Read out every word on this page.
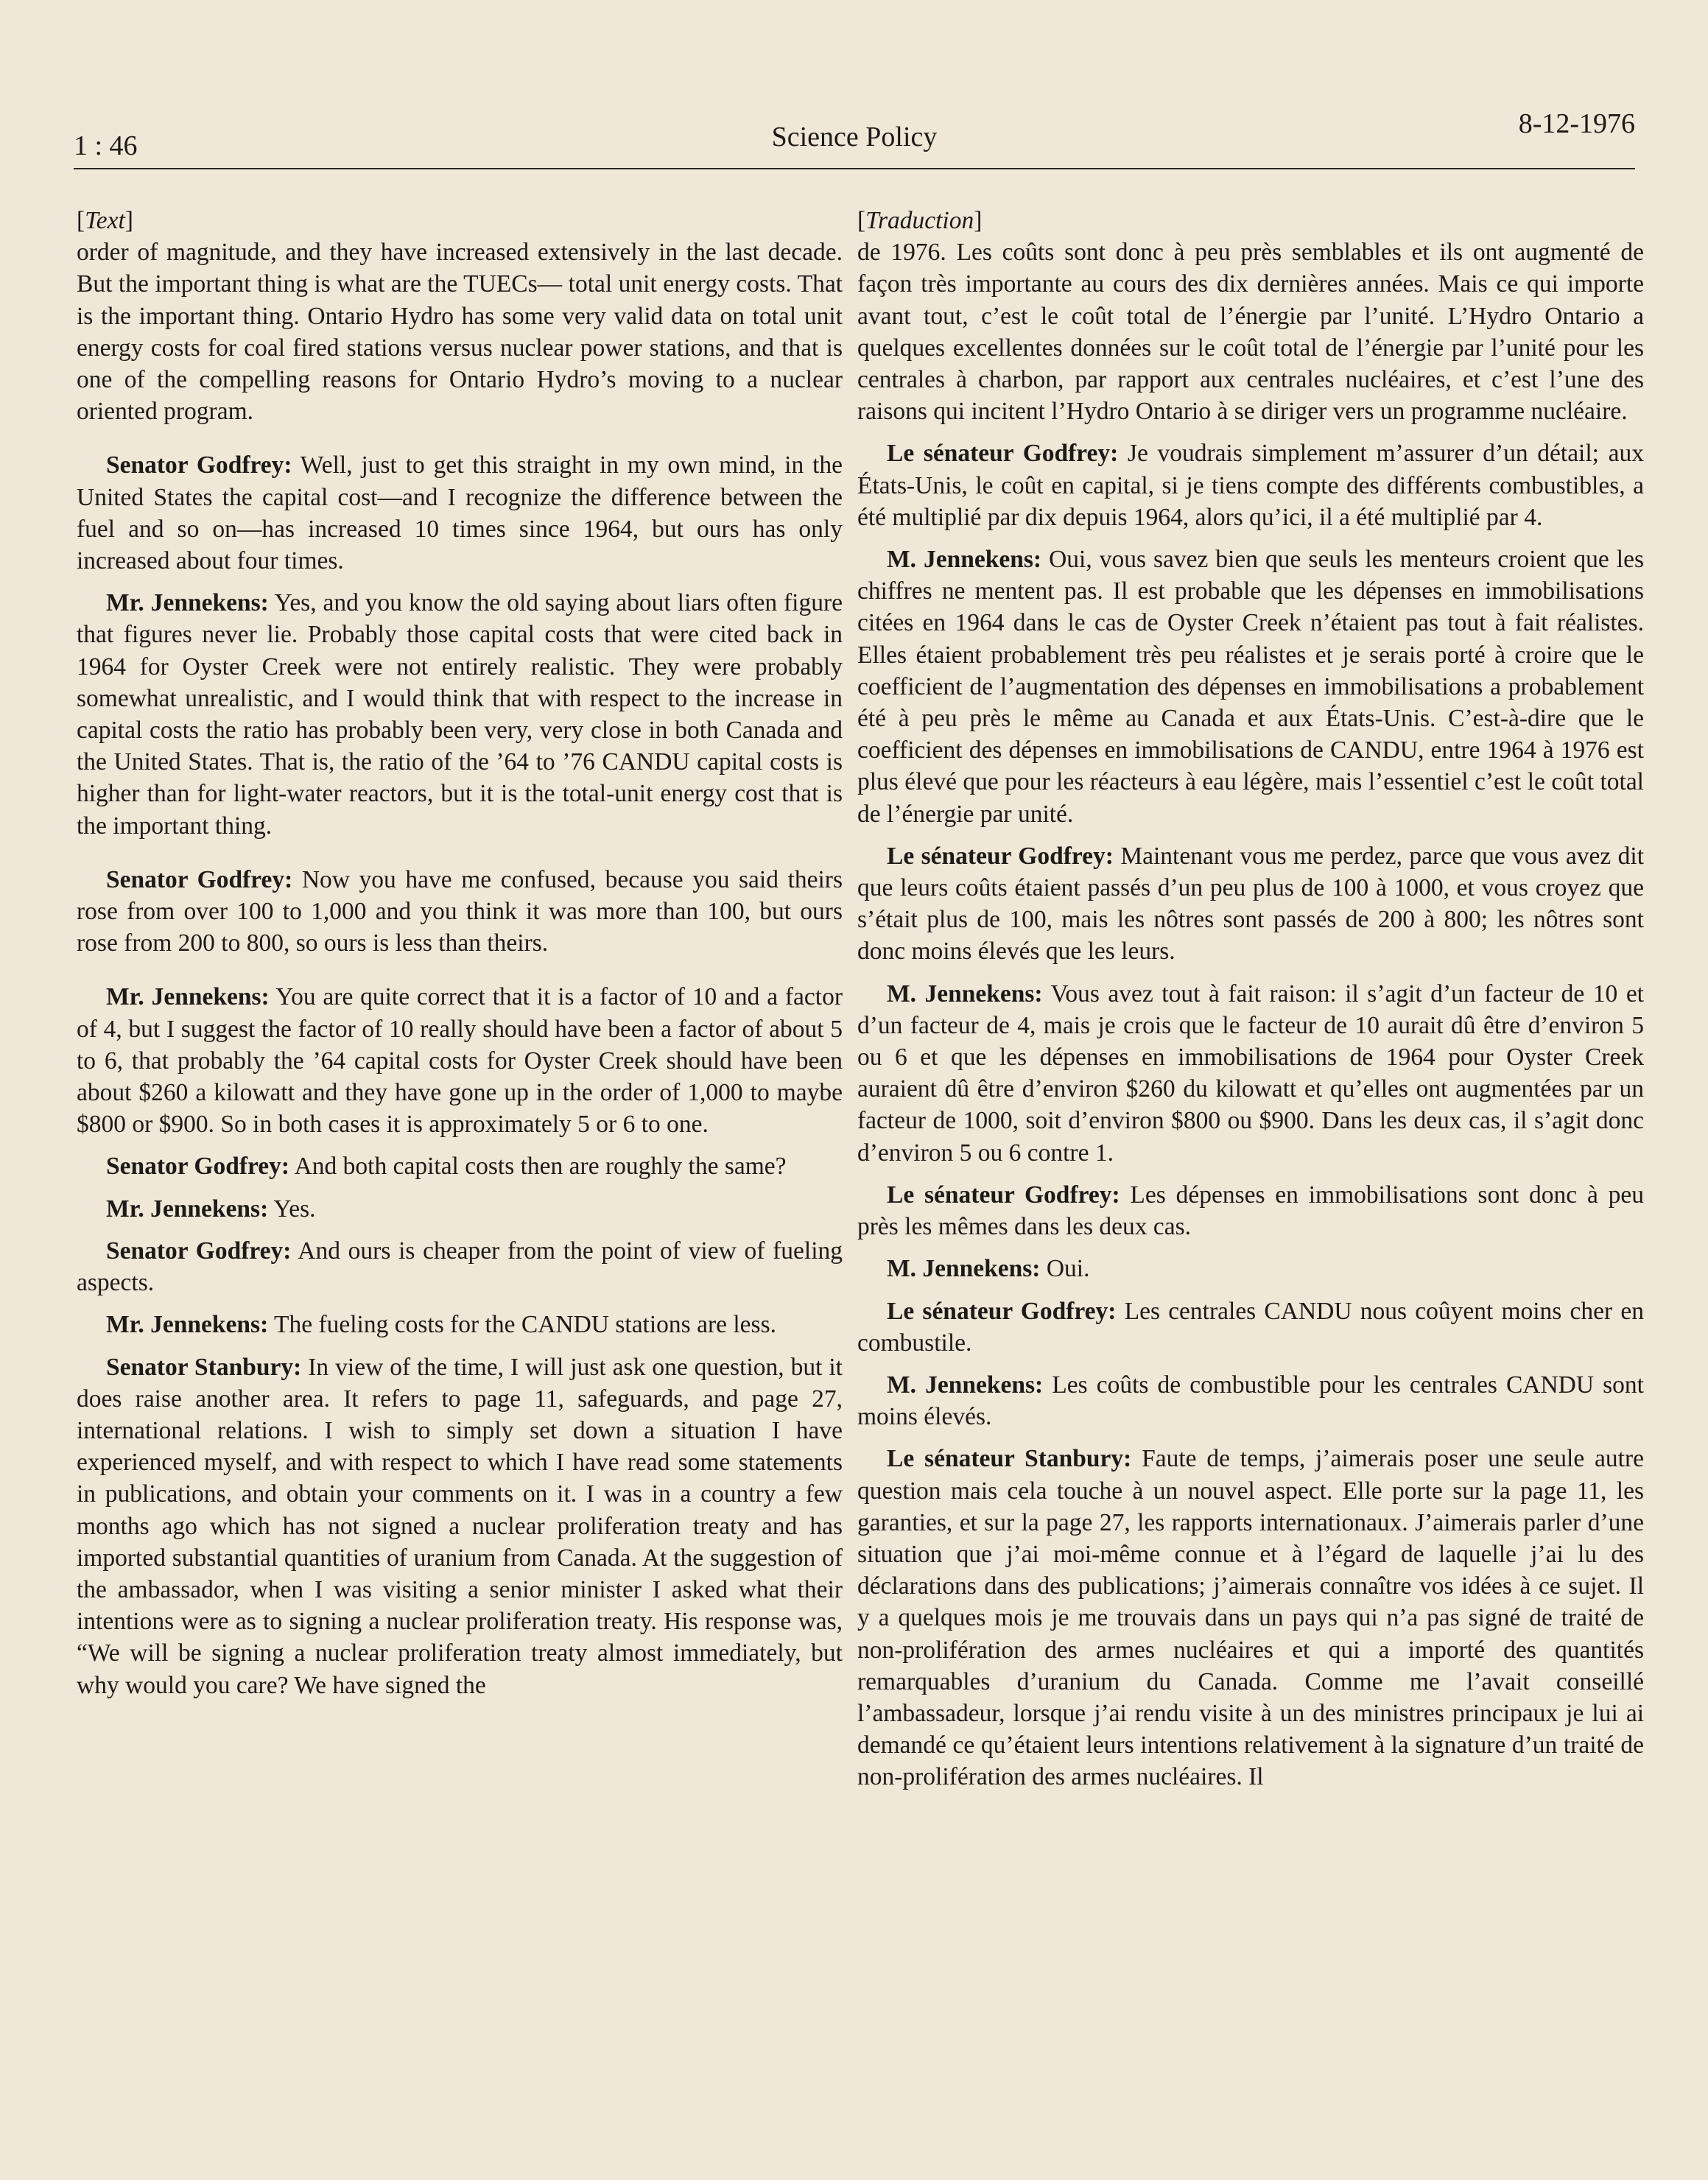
1 : 46	Science Policy	8-12-1976

[Text]

order of magnitude, and they have increased extensively in the last decade. But the important thing is what are the TUECs— total unit energy costs. That is the important thing. Ontario Hydro has some very valid data on total unit energy costs for coal fired stations versus nuclear power stations, and that is one of the compelling reasons for Ontario Hydro’s moving to a nuclear oriented program.

Senator Godfrey: Well, just to get this straight in my own mind, in the United States the capital cost—and I recognize the difference between the fuel and so on—has increased 10 times since 1964, but ours has only increased about four times.

Mr. Jennekens: Yes, and you know the old saying about liars often figure that figures never lie. Probably those capital costs that were cited back in 1964 for Oyster Creek were not entirely realistic. They were probably somewhat unrealistic, and I would think that with respect to the increase in capital costs the ratio has probably been very, very close in both Canada and the United States. That is, the ratio of the ’64 to ’76 CANDU capital costs is higher than for light-water reactors, but it is the total-unit energy cost that is the important thing.

Senator Godfrey: Now you have me confused, because you said theirs rose from over 100 to 1,000 and you think it was more than 100, but ours rose from 200 to 800, so ours is less than theirs.

Mr. Jennekens: You are quite correct that it is a factor of 10 and a factor of 4, but I suggest the factor of 10 really should have been a factor of about 5 to 6, that probably the ’64 capital costs for Oyster Creek should have been about $260 a kilowatt and they have gone up in the order of 1,000 to maybe $800 or $900. So in both cases it is approximately 5 or 6 to one.

Senator Godfrey: And both capital costs then are roughly the same?

Mr. Jennekens: Yes.

Senator Godfrey: And ours is cheaper from the point of view of fueling aspects.

Mr. Jennekens: The fueling costs for the CANDU stations are less.

Senator Stanbury: In view of the time, I will just ask one question, but it does raise another area. It refers to page 11, safeguards, and page 27, international relations. I wish to simply set down a situation I have experienced myself, and with respect to which I have read some statements in publications, and obtain your comments on it. I was in a country a few months ago which has not signed a nuclear proliferation treaty and has imported substantial quantities of uranium from Canada. At the suggestion of the ambassador, when I was visiting a senior minister I asked what their intentions were as to signing a nuclear proliferation treaty. His response was, “We will be signing a nuclear proliferation treaty almost immediately, but why would you care? We have signed the

[Traduction]

de 1976. Les coûts sont donc à peu près semblables et ils ont augmenté de façon très importante au cours des dix dernières années. Mais ce qui importe avant tout, c’est le coût total de l’énergie par l’unité. L’Hydro Ontario a quelques excellentes données sur le coût total de l’énergie par l’unité pour les centrales à charbon, par rapport aux centrales nucléaires, et c’est l’une des raisons qui incitent l’Hydro Ontario à se diriger vers un programme nucléaire.

Le sénateur Godfrey: Je voudrais simplement m’assurer d’un détail; aux États-Unis, le coût en capital, si je tiens compte des différents combustibles, a été multiplié par dix depuis 1964, alors qu’ici, il a été multiplié par 4.

M. Jennekens: Oui, vous savez bien que seuls les menteurs croient que les chiffres ne mentent pas. Il est probable que les dépenses en immobilisations citées en 1964 dans le cas de Oyster Creek n’étaient pas tout à fait réalistes. Elles étaient probablement très peu réalistes et je serais porté à croire que le coefficient de l’augmentation des dépenses en immobilisations a probablement été à peu près le même au Canada et aux États-Unis. C’est-à-dire que le coefficient des dépenses en immobilisations de CANDU, entre 1964 à 1976 est plus élevé que pour les réacteurs à eau légère, mais l’essentiel c’est le coût total de l’énergie par unité.

Le sénateur Godfrey: Maintenant vous me perdez, parce que vous avez dit que leurs coûts étaient passés d’un peu plus de 100 à 1000, et vous croyez que s’était plus de 100, mais les nôtres sont passés de 200 à 800; les nôtres sont donc moins élevés que les leurs.

M. Jennekens: Vous avez tout à fait raison: il s’agit d’un facteur de 10 et d’un facteur de 4, mais je crois que le facteur de 10 aurait dû être d’environ 5 ou 6 et que les dépenses en immobilisations de 1964 pour Oyster Creek auraient dû être d’environ $260 du kilowatt et qu’elles ont augmentées par un facteur de 1000, soit d’environ $800 ou $900. Dans les deux cas, il s’agit donc d’environ 5 ou 6 contre 1.

Le sénateur Godfrey: Les dépenses en immobilisations sont donc à peu près les mêmes dans les deux cas.

M. Jennekens: Oui.

Le sénateur Godfrey: Les centrales CANDU nous coûyent moins cher en combustile.

M. Jennekens: Les coûts de combustible pour les centrales CANDU sont moins élevés.

Le sénateur Stanbury: Faute de temps, j’aimerais poser une seule autre question mais cela touche à un nouvel aspect. Elle porte sur la page 11, les garanties, et sur la page 27, les rapports internationaux. J’aimerais parler d’une situation que j’ai moi-même connue et à l’égard de laquelle j’ai lu des déclarations dans des publications; j’aimerais connaître vos idées à ce sujet. Il y a quelques mois je me trouvais dans un pays qui n’a pas signé de traité de non-prolifération des armes nucléaires et qui a importé des quantités remarquables d’uranium du Canada. Comme me l’avait conseillé l’ambassadeur, lorsque j’ai rendu visite à un des ministres principaux je lui ai demandé ce qu’étaient leurs intentions relativement à la signature d’un traité de non-prolifération des armes nucléaires. Il
